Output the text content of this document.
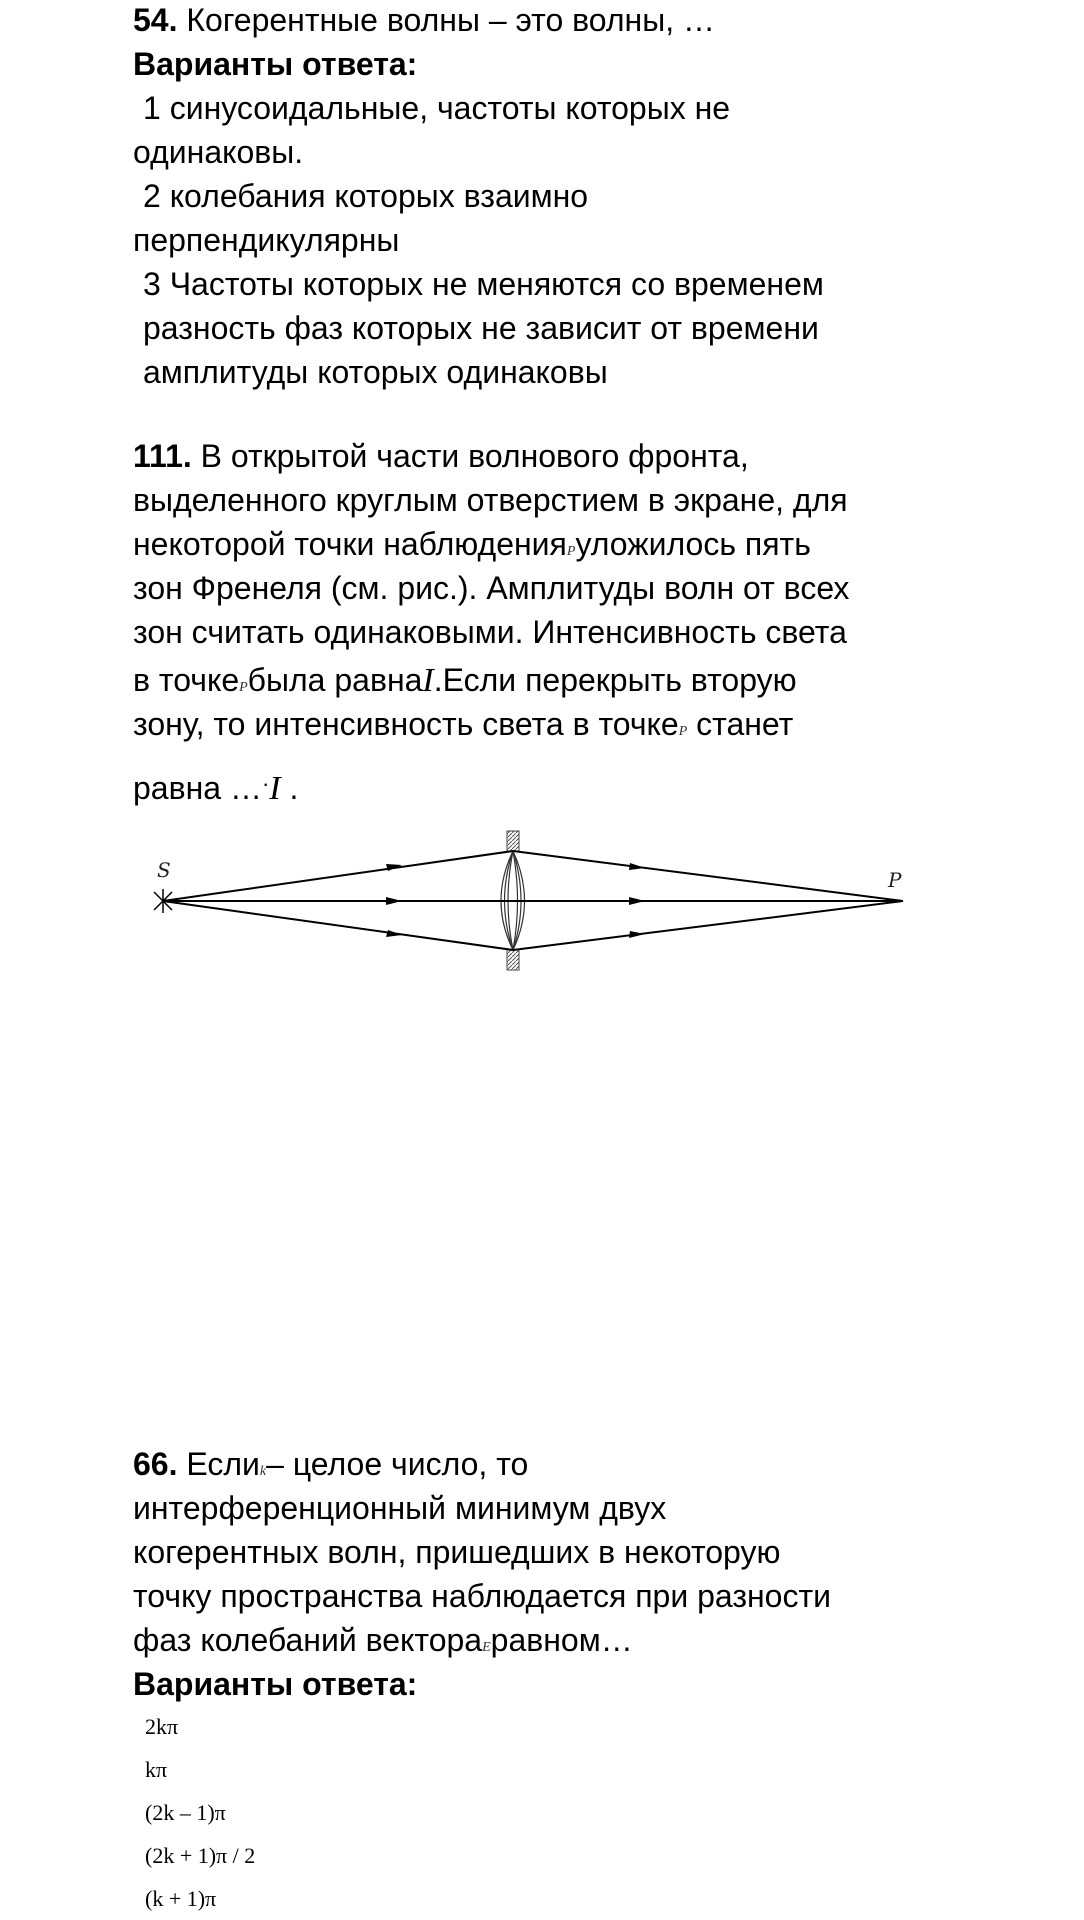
54. Когерентные волны – это волны, …
Варианты ответа:
1 синусоидальные, частоты которых не
одинаковы.
2 колебания которых взаимно
перпендикулярны
3 Частоты которых не меняются со временем
разность фаз которых не зависит от времени
амплитуды которых одинаковы
111. В открытой части волнового фронта,
выделенного круглым отверстием в экране, для
некоторой точки наблюденияPуложилось пять
зон Френеля (см. рис.). Амплитуды волн от всех
зон считать одинаковыми. Интенсивность света
в точкеPбыла равнаI.Если перекрыть вторую
зону, то интенсивность света в точкеP станет
равна …·I .
S	P
66. Еслиk– целое число, то
интерференционный минимум двух
когерентных волн, пришедших в некоторую
точку пространства наблюдается при разности
фаз колебаний вектораEравном…
Варианты ответа:
2kπ
kπ
(2k – 1)π
(2k + 1)π / 2
(k + 1)π
